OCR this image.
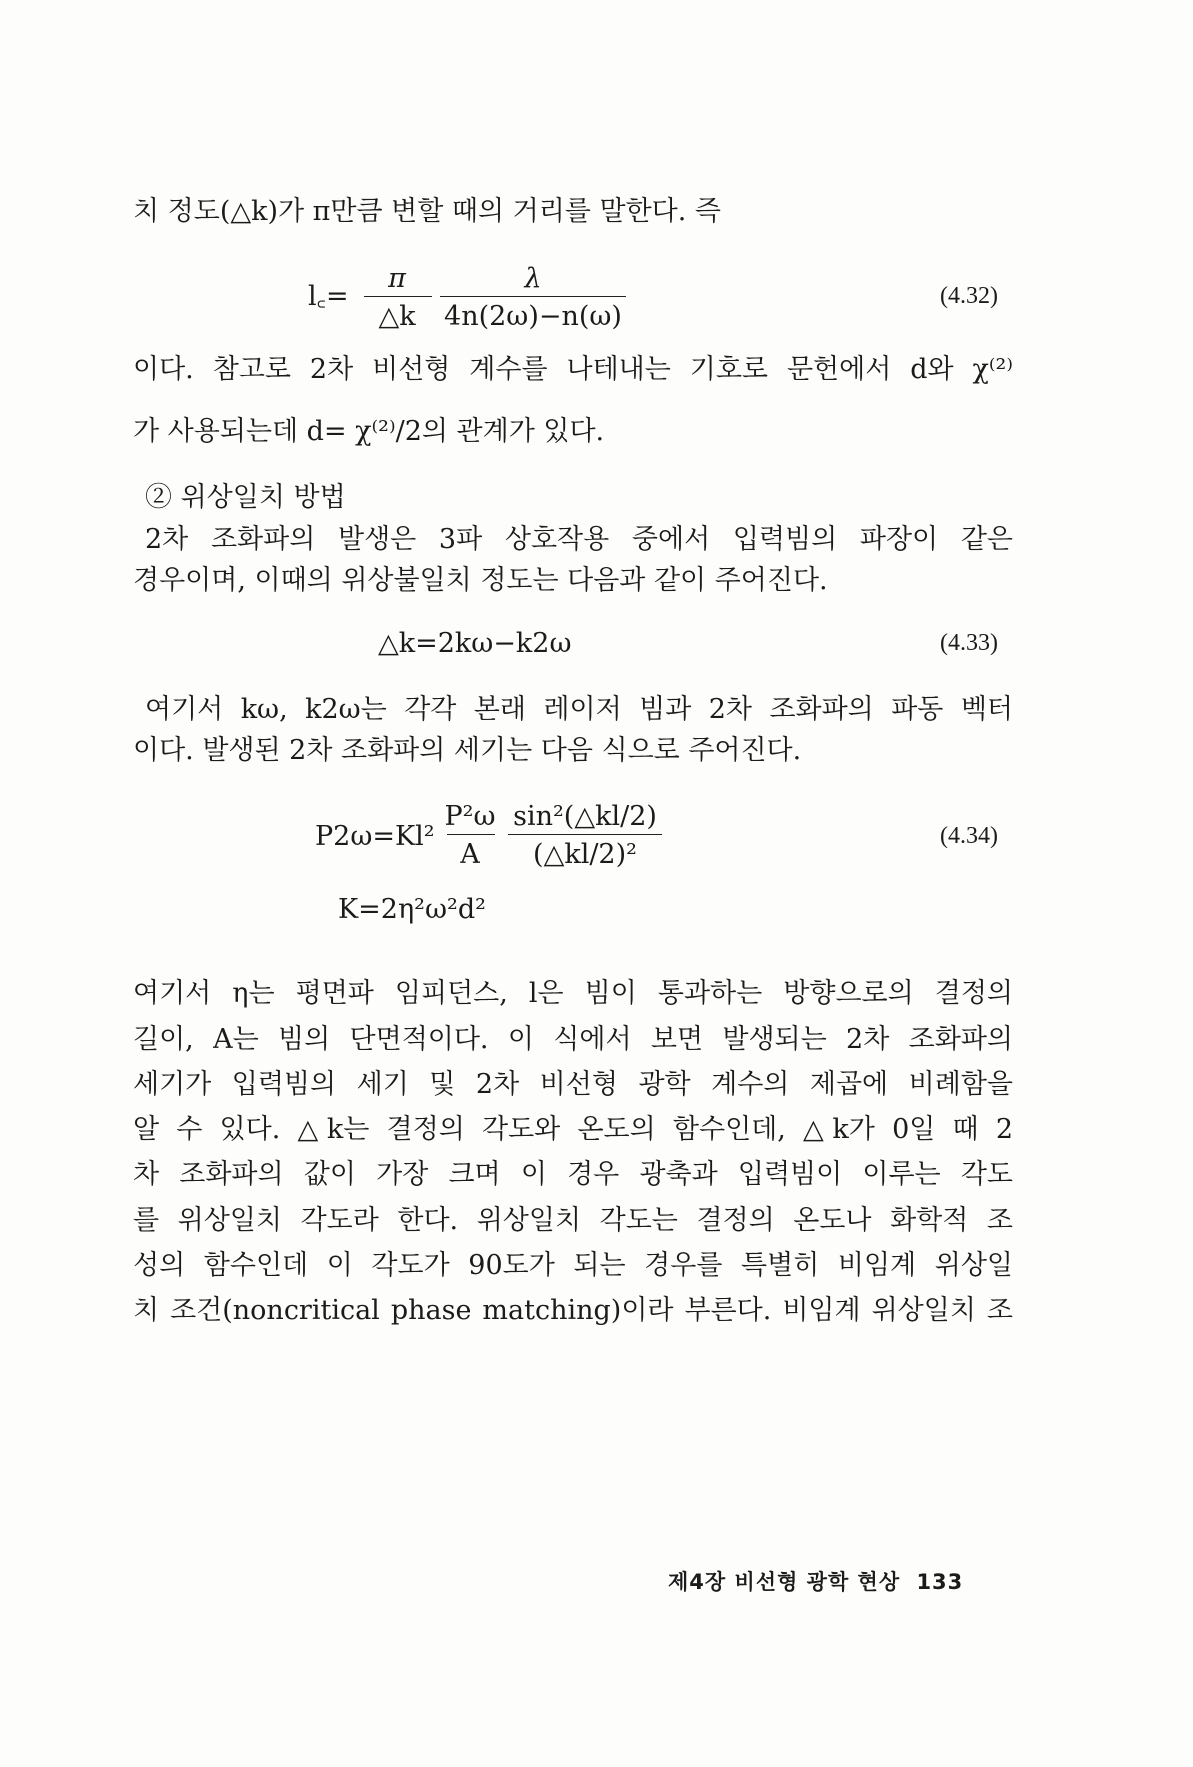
치 정도(△k)가 π만큼 변할 때의 거리를 말한다. 즉
l꜀=
π
△k
λ
4n(2ω)−n(ω)
(4.32)
이다. 참고로 2차 비선형 계수를 나테내는 기호로 문헌에서 d와 χ⁽²⁾
가 사용되는데 d= χ⁽²⁾/2의 관계가 있다.
② 위상일치 방법
2차 조화파의 발생은 3파 상호작용 중에서 입력빔의 파장이 같은
경우이며, 이때의 위상불일치 정도는 다음과 같이 주어진다.
△k=2kω−k2ω	(4.33)
여기서 kω, k2ω는 각각 본래 레이저 빔과 2차 조화파의 파동 벡터
이다. 발생된 2차 조화파의 세기는 다음 식으로 주어진다.
P2ω=Kl²
P²ω
A
sin²(△kl/2)
(△kl/2)²
(4.34)
K=2η²ω²d²
여기서 η는 평면파 임피던스, l은 빔이 통과하는 방향으로의 결정의
길이, A는 빔의 단면적이다. 이 식에서 보면 발생되는 2차 조화파의
세기가 입력빔의 세기 및 2차 비선형 광학 계수의 제곱에 비례함을
알 수 있다. △k는 결정의 각도와 온도의 함수인데, △k가 0일 때 2
차 조화파의 값이 가장 크며 이 경우 광축과 입력빔이 이루는 각도
를 위상일치 각도라 한다. 위상일치 각도는 결정의 온도나 화학적 조
성의 함수인데 이 각도가 90도가 되는 경우를 특별히 비임계 위상일
치 조건(noncritical phase matching)이라 부른다. 비임계 위상일치 조
제4장 비선형 광학 현상 133
